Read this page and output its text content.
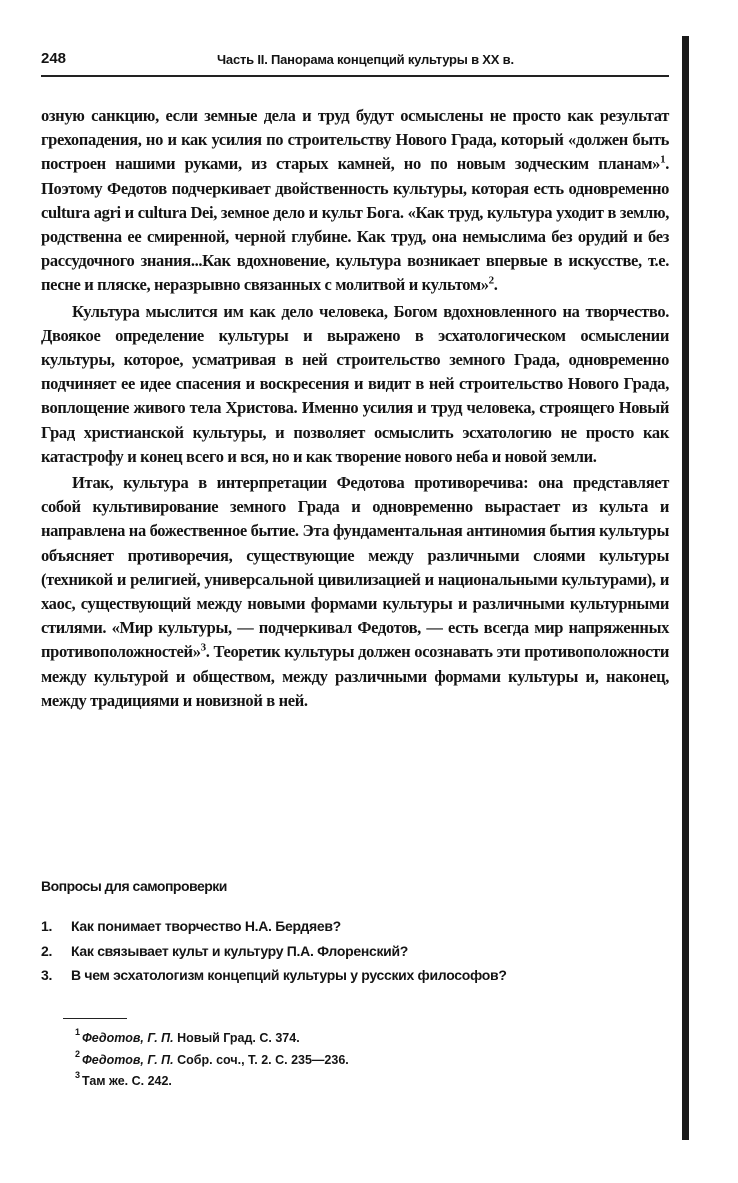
248	Часть II. Панорама концепций культуры в XX в.

озную санкцию, если земные дела и труд будут осмыслены не просто как результат грехопадения, но и как усилия по строительству Нового Града, который «должен быть построен нашими руками, из старых камней, но по новым зодческим планам»$^1$. Поэтому Федотов подчеркивает двойственность культуры, которая есть одновременно cultura agri и cultura Dei, земное дело и культ Бога. «Как труд, культура уходит в землю, родственна ее смиренной, черной глубине. Как труд, она немыслима без орудий и без рассудочного знания...Как вдохновение, культура возникает впервые в искусстве, т.е. песне и пляске, неразрывно связанных с молитвой и культом»$^2$.

Культура мыслится им как дело человека, Богом вдохновленного на творчество. Двоякое определение культуры и выражено в эсхатологическом осмыслении культуры, которое, усматривая в ней строительство земного Града, одновременно подчиняет ее идее спасения и воскресения и видит в ней строительство Нового Града, воплощение живого тела Христова. Именно усилия и труд человека, строящего Новый Град христианской культуры, и позволяет осмыслить эсхатологию не просто как катастрофу и конец всего и вся, но и как творение нового неба и новой земли.

Итак, культура в интерпретации Федотова противоречива: она представляет собой культивирование земного Града и одновременно вырастает из культа и направлена на божественное бытие. Эта фундаментальная антиномия бытия культуры объясняет противоречия, существующие между различными слоями культуры (техникой и религией, универсальной цивилизацией и национальными культурами), и хаос, существующий между новыми формами культуры и различными культурными стилями. «Мир культуры, — подчеркивал Федотов, — есть всегда мир напряженных противоположностей»$^3$. Теоретик культуры должен осознавать эти противоположности между культурой и обществом, между различными формами культуры и, наконец, между традициями и новизной в ней.

Вопросы для самопроверки
1. Как понимает творчество Н.А. Бердяев?
2. Как связывает культ и культуру П.А. Флоренский?
3. В чем эсхатологизм концепций культуры у русских философов?
$^1$ Федотов, Г. П. Новый Град. С. 374.
$^2$ Федотов, Г. П. Собр. соч., Т. 2. С. 235—236.
$^3$ Там же. С. 242.
